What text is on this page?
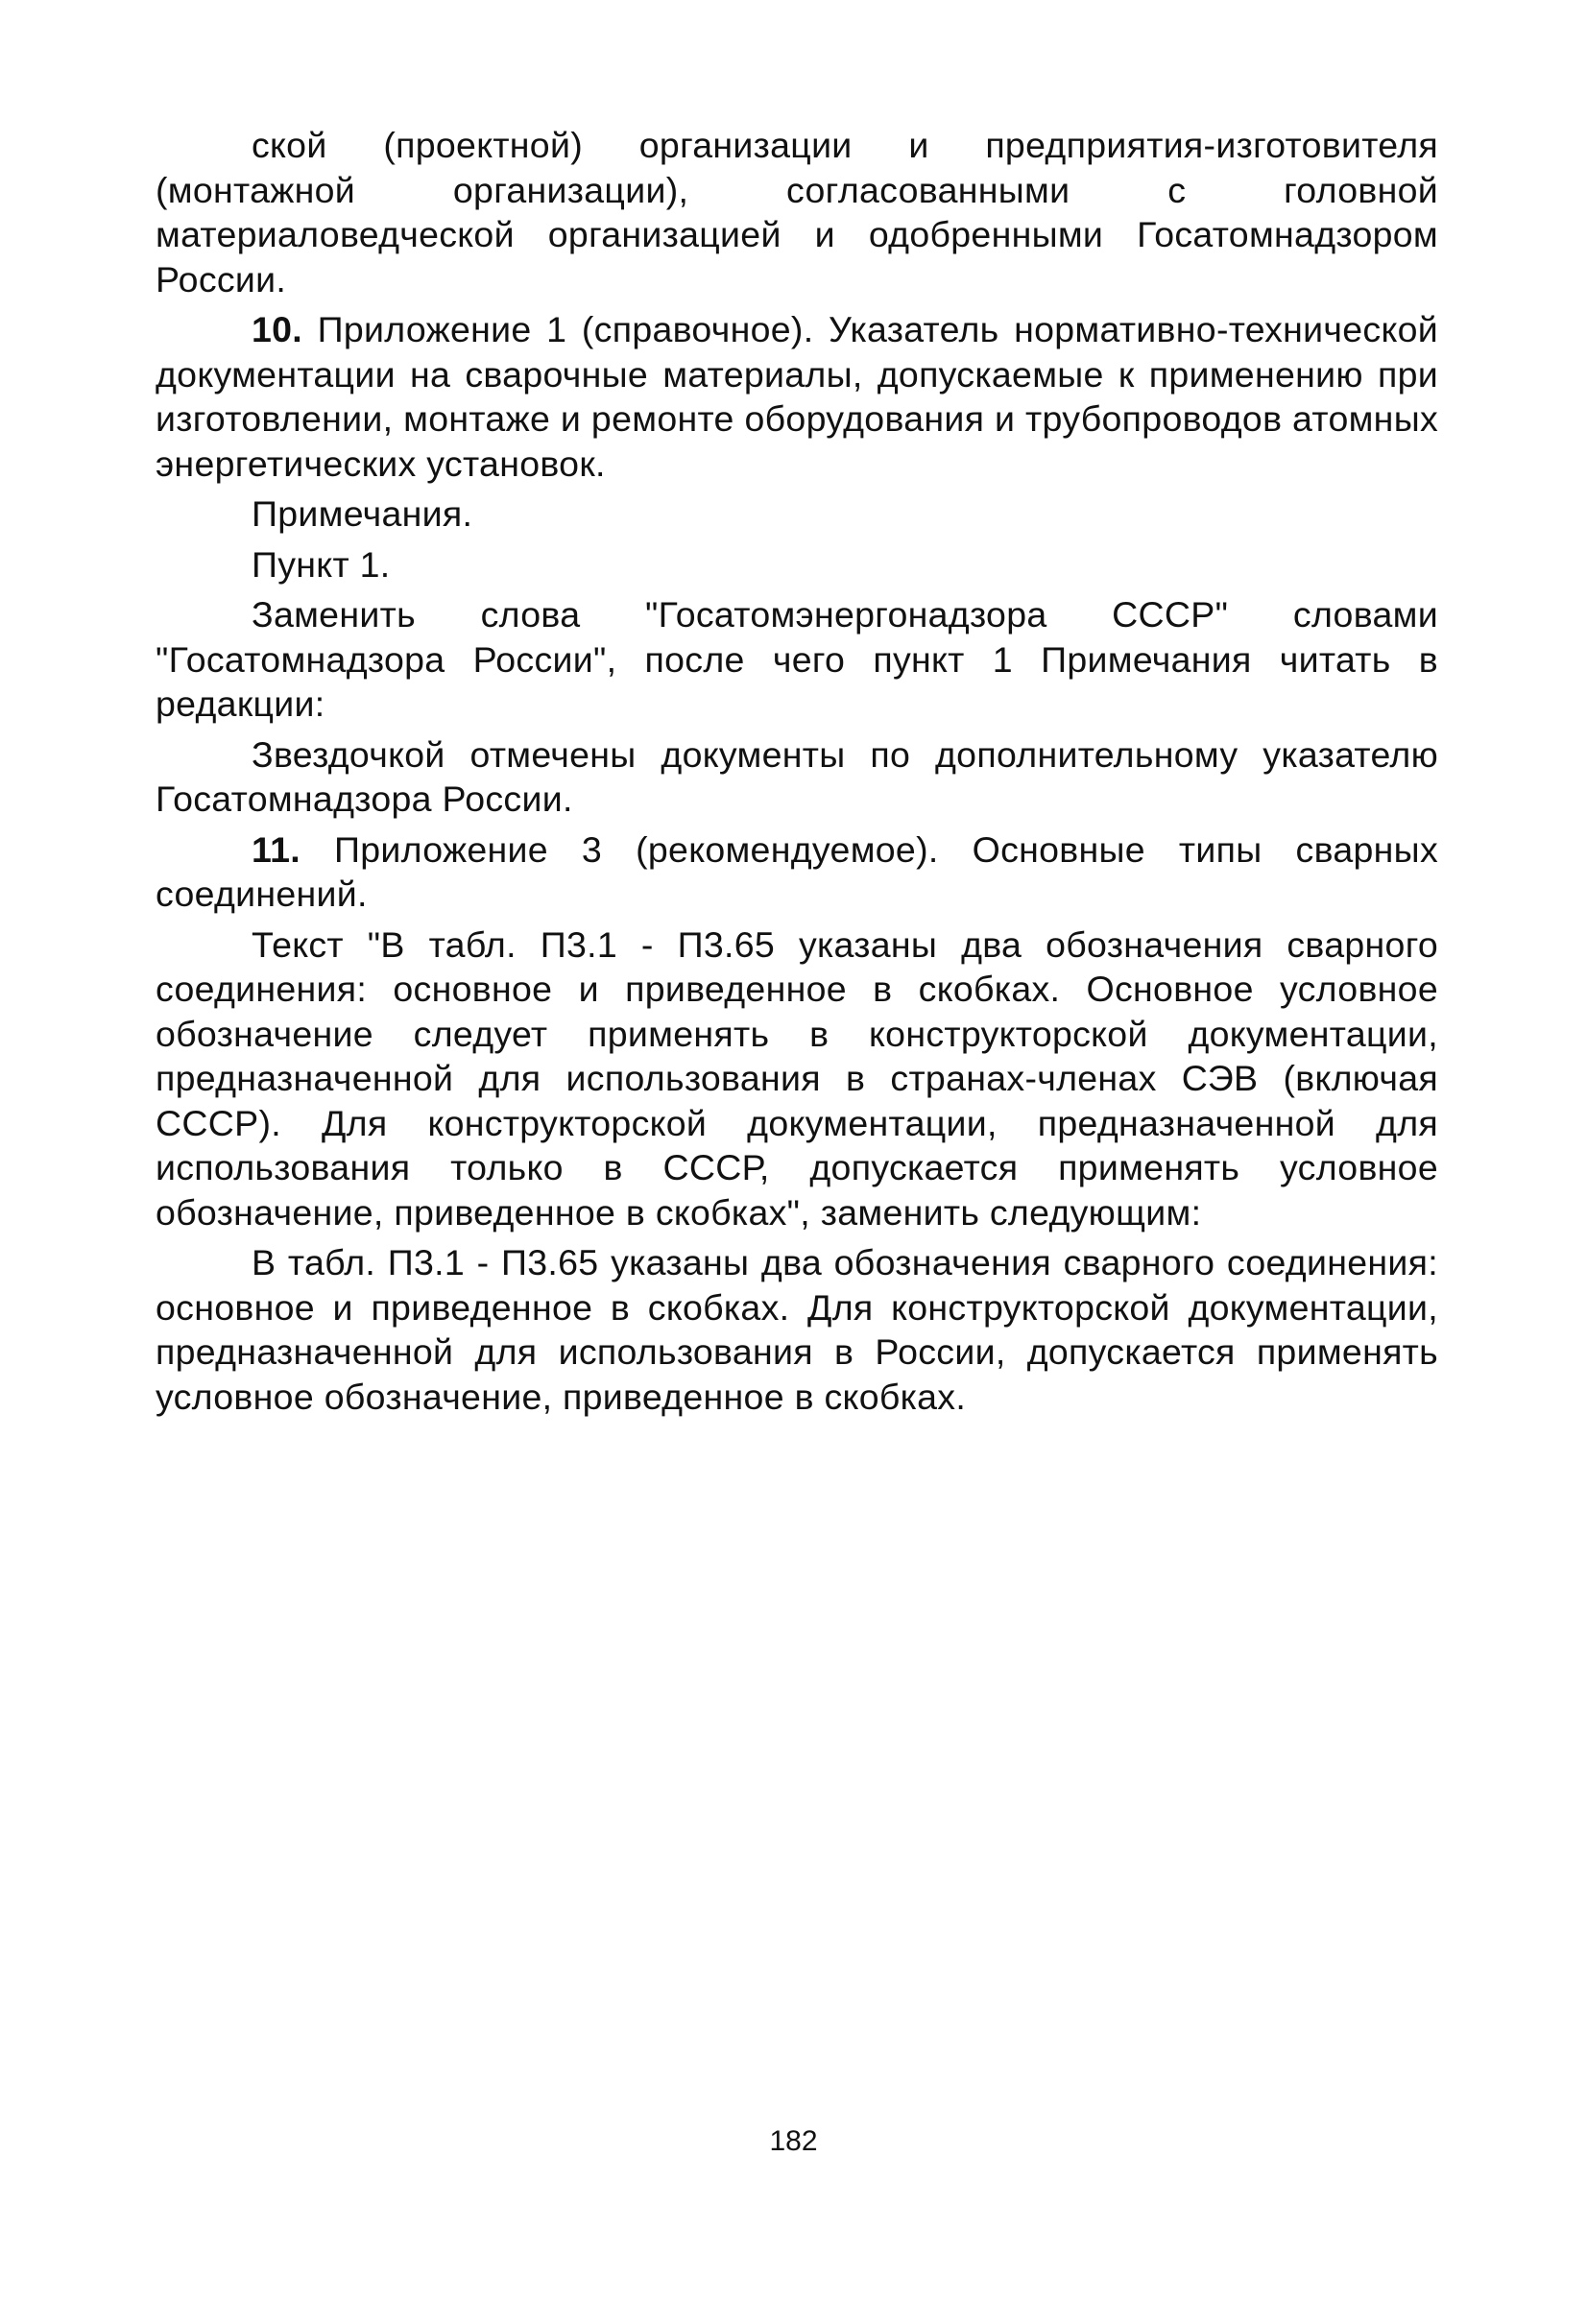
ской (проектной) организации и предприятия-изготовителя (монтажной организации), согласованными с головной материаловедческой организацией и одобренными Госатомнадзором России.

10. Приложение 1 (справочное). Указатель нормативно-технической документации на сварочные материалы, допускаемые к применению при изготовлении, монтаже и ремонте оборудования и трубопроводов атомных энергетических установок.

Примечания.

Пункт 1.

Заменить слова "Госатомэнергонадзора СССР" словами "Госатомнадзора России", после чего пункт 1 Примечания читать в редакции:

Звездочкой отмечены документы по дополнительному указателю Госатомнадзора России.

11. Приложение 3 (рекомендуемое). Основные типы сварных соединений.

Текст "В табл. П3.1 - П3.65 указаны два обозначения сварного соединения: основное и приведенное в скобках. Основное условное обозначение следует применять в конструкторской документации, предназначенной для использования в странах-членах СЭВ (включая СССР). Для конструкторской документации, предназначенной для использования только в СССР, допускается применять условное обозначение, приведенное в скобках", заменить следующим:

В табл. П3.1 - П3.65 указаны два обозначения сварного соединения: основное и приведенное в скобках. Для конструкторской документации, предназначенной для использования в России, допускается применять условное обозначение, приведенное в скобках.

182
